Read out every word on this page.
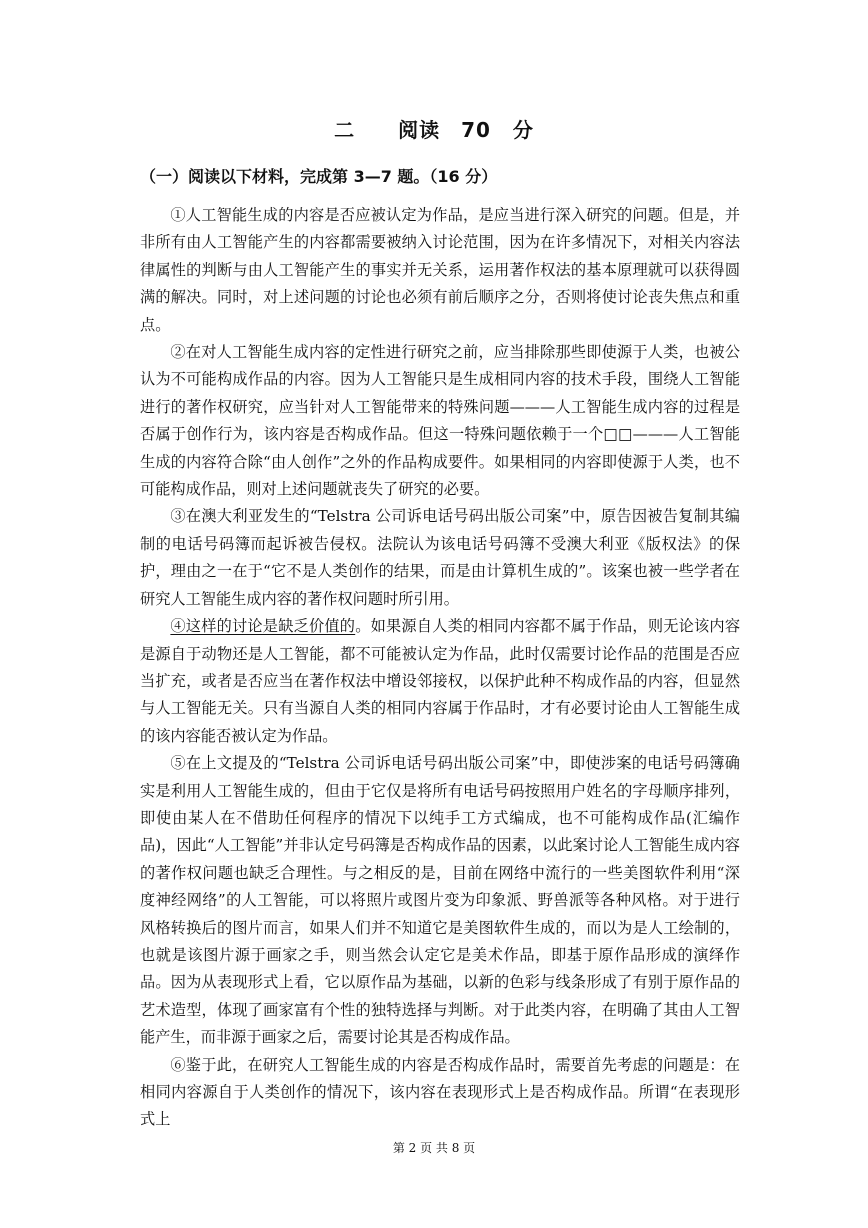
二　 阅读　70 分
（一）阅读以下材料，完成第 3—7 题。（16 分）

①人工智能生成的内容是否应被认定为作品，是应当进行深入研究的问题。但是，并非所有由人工智能产生的内容都需要被纳入讨论范围，因为在许多情况下，对相关内容法律属性的判断与由人工智能产生的事实并无关系，运用著作权法的基本原理就可以获得圆满的解决。同时，对上述问题的讨论也必须有前后顺序之分，否则将使讨论丧失焦点和重点。

②在对人工智能生成内容的定性进行研究之前，应当排除那些即使源于人类，也被公认为不可能构成作品的内容。因为人工智能只是生成相同内容的技术手段，围绕人工智能进行的著作权研究，应当针对人工智能带来的特殊问题———人工智能生成内容的过程是否属于创作行为，该内容是否构成作品。但这一特殊问题依赖于一个□□———人工智能生成的内容符合除“由人创作”之外的作品构成要件。如果相同的内容即使源于人类，也不可能构成作品，则对上述问题就丧失了研究的必要。

③在澳大利亚发生的“Telstra 公司诉电话号码出版公司案”中，原告因被告复制其编制的电话号码簿而起诉被告侵权。法院认为该电话号码簿不受澳大利亚《版权法》的保护，理由之一在于“它不是人类创作的结果，而是由计算机生成的”。该案也被一些学者在研究人工智能生成内容的著作权问题时所引用。

④这样的讨论是缺乏价值的。如果源自人类的相同内容都不属于作品，则无论该内容是源自于动物还是人工智能，都不可能被认定为作品，此时仅需要讨论作品的范围是否应当扩充，或者是否应当在著作权法中增设邻接权，以保护此种不构成作品的内容，但显然与人工智能无关。只有当源自人类的相同内容属于作品时，才有必要讨论由人工智能生成的该内容能否被认定为作品。

⑤在上文提及的“Telstra 公司诉电话号码出版公司案”中，即使涉案的电话号码簿确实是利用人工智能生成的，但由于它仅是将所有电话号码按照用户姓名的字母顺序排列，即使由某人在不借助任何程序的情况下以纯手工方式编成，也不可能构成作品(汇编作品)，因此“人工智能”并非认定号码簿是否构成作品的因素，以此案讨论人工智能生成内容的著作权问题也缺乏合理性。与之相反的是，目前在网络中流行的一些美图软件利用“深度神经网络”的人工智能，可以将照片或图片变为印象派、野兽派等各种风格。对于进行风格转换后的图片而言，如果人们并不知道它是美图软件生成的，而以为是人工绘制的，也就是该图片源于画家之手，则当然会认定它是美术作品，即基于原作品形成的演绎作品。因为从表现形式上看，它以原作品为基础，以新的色彩与线条形成了有别于原作品的艺术造型，体现了画家富有个性的独特选择与判断。对于此类内容，在明确了其由人工智能产生，而非源于画家之后，需要讨论其是否构成作品。

⑥鉴于此，在研究人工智能生成的内容是否构成作品时，需要首先考虑的问题是：在相同内容源自于人类创作的情况下，该内容在表现形式上是否构成作品。所谓“在表现形式上

第 2 页 共 8 页
